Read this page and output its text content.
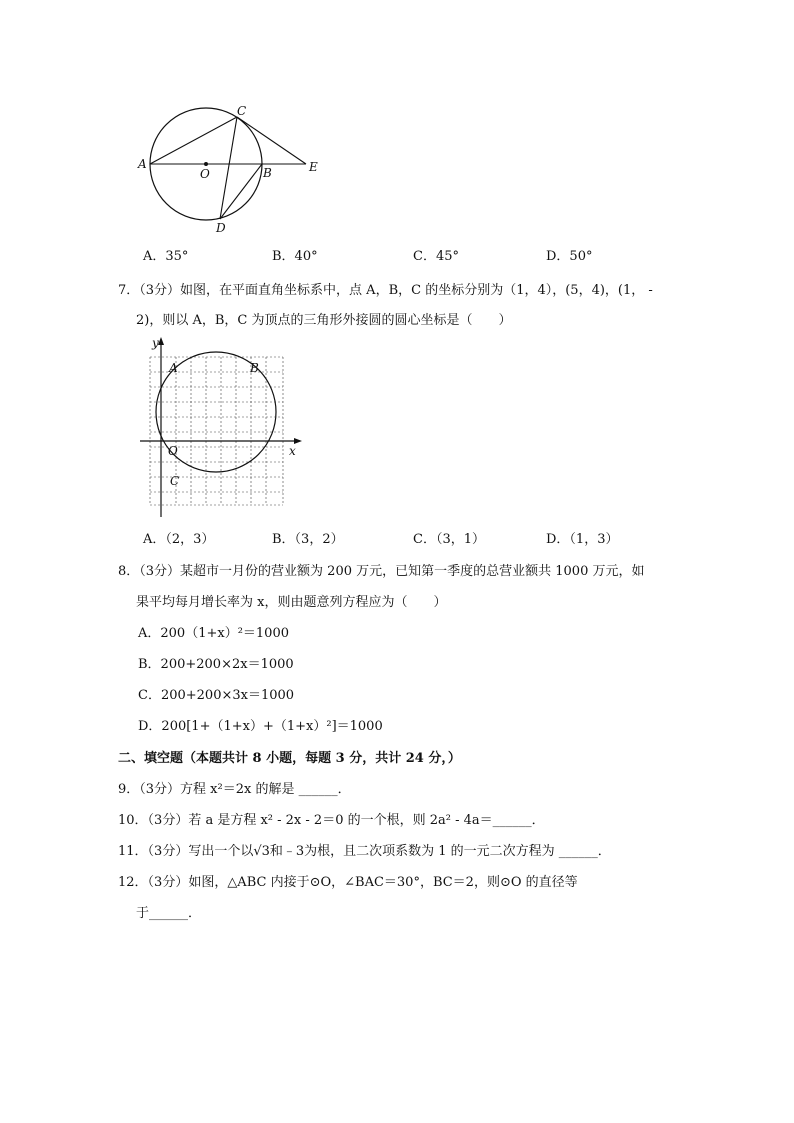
A
C
O	B	E
D
A．35°	B．40°	C．45°	D．50°
7．（3分）如图，在平面直角坐标系中，点 A，B，C 的坐标分别为（1，4），(5，4)，(1， -
2)，则以 A，B，C 为顶点的三角形外接圆的圆心坐标是（　　）
y
x
O
A	B
C
A．（2，3）	B．（3，2）	C．（3，1）	D．（1，3）
8．（3分）某超市一月份的营业额为 200 万元，已知第一季度的总营业额共 1000 万元，如
果平均每月增长率为 x，则由题意列方程应为（　　）
A．200（1+x）²＝1000
B．200+200×2x＝1000
C．200+200×3x＝1000
D．200[1+（1+x）+（1+x）²]＝1000
二、填空题（本题共计 8 小题，每题 3 分，共计 24 分，）
9．（3分）方程 x²＝2x 的解是 ______．
10．（3分）若 a 是方程 x² - 2x - 2＝0 的一个根，则 2a² - 4a＝______．
11．（3分）写出一个以√3和﹣3为根，且二次项系数为 1 的一元二次方程为 ______．
12．（3分）如图，△ABC 内接于⊙O，∠BAC＝30°，BC＝2，则⊙O 的直径等
于______．
